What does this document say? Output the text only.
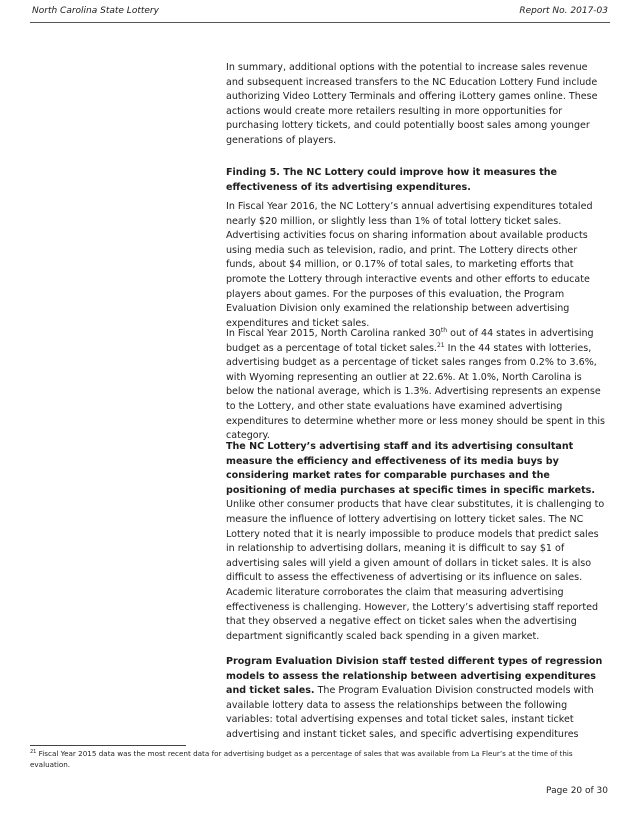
North Carolina State Lottery	Report No. 2017-03

In summary, additional options with the potential to increase sales revenue and subsequent increased transfers to the NC Education Lottery Fund include authorizing Video Lottery Terminals and offering iLottery games online. These actions would create more retailers resulting in more opportunities for purchasing lottery tickets, and could potentially boost sales among younger generations of players.

Finding 5. The NC Lottery could improve how it measures the effectiveness of its advertising expenditures.

In Fiscal Year 2016, the NC Lottery’s annual advertising expenditures totaled nearly $20 million, or slightly less than 1% of total lottery ticket sales. Advertising activities focus on sharing information about available products using media such as television, radio, and print. The Lottery directs other funds, about $4 million, or 0.17% of total sales, to marketing efforts that promote the Lottery through interactive events and other efforts to educate players about games. For the purposes of this evaluation, the Program Evaluation Division only examined the relationship between advertising expenditures and ticket sales.

In Fiscal Year 2015, North Carolina ranked 30th out of 44 states in advertising budget as a percentage of total ticket sales.$^{21}$ In the 44 states with lotteries, advertising budget as a percentage of ticket sales ranges from 0.2% to 3.6%, with Wyoming representing an outlier at 22.6%. At 1.0%, North Carolina is below the national average, which is 1.3%. Advertising represents an expense to the Lottery, and other state evaluations have examined advertising expenditures to determine whether more or less money should be spent in this category.

The NC Lottery’s advertising staff and its advertising consultant measure the efficiency and effectiveness of its media buys by considering market rates for comparable purchases and the positioning of media purchases at specific times in specific markets. Unlike other consumer products that have clear substitutes, it is challenging to measure the influence of lottery advertising on lottery ticket sales. The NC Lottery noted that it is nearly impossible to produce models that predict sales in relationship to advertising dollars, meaning it is difficult to say $1 of advertising sales will yield a given amount of dollars in ticket sales. It is also difficult to assess the effectiveness of advertising or its influence on sales. Academic literature corroborates the claim that measuring advertising effectiveness is challenging. However, the Lottery’s advertising staff reported that they observed a negative effect on ticket sales when the advertising department significantly scaled back spending in a given market.

Program Evaluation Division staff tested different types of regression models to assess the relationship between advertising expenditures and ticket sales. The Program Evaluation Division constructed models with available lottery data to assess the relationships between the following variables: total advertising expenses and total ticket sales, instant ticket advertising and instant ticket sales, and specific advertising expenditures

$^{21}$ Fiscal Year 2015 data was the most recent data for advertising budget as a percentage of sales that was available from La Fleur’s at the time of this evaluation.
Page 20 of 30
